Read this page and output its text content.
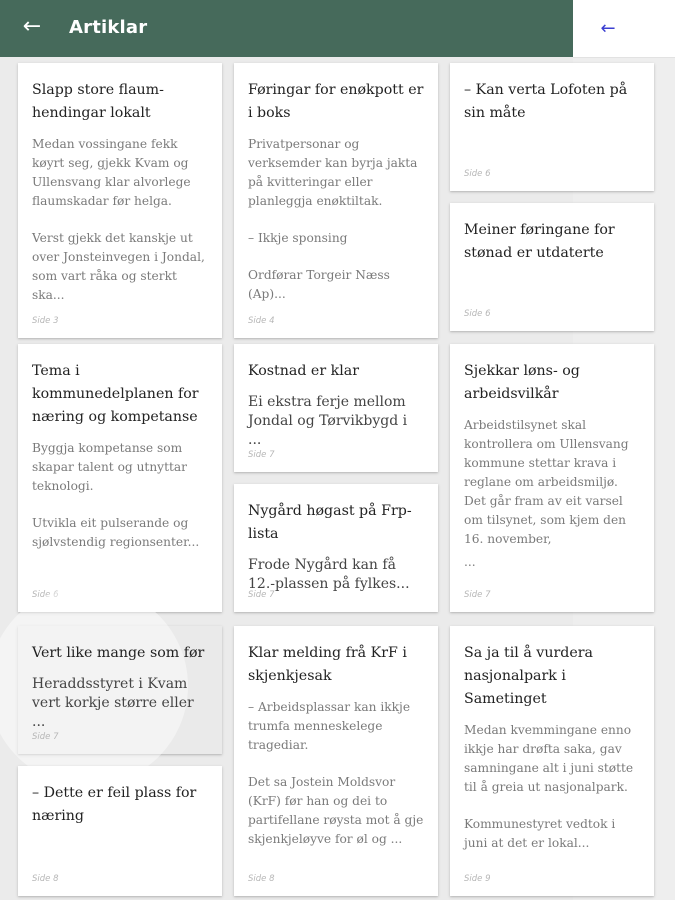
← Artiklar	←
Slapp store flaum-hendingar lokalt
Medan vossingane fekk køyrt seg, gjekk Kvam og Ullensvang klar alvorlege flaumskadar før helga.
Verst gjekk det kanskje ut over Jonsteinvegen i Jondal, som vart råka og sterkt ska...
Side 3
Føringar for enøkpott er i boks
Privatpersonar og verksemder kan byrja jakta på kvitteringar eller planleggja enøktiltak.
– Ikkje sponsing
Ordførar Torgeir Næss (Ap)...
Side 4
– Kan verta Lofoten på sin måte
Side 6
Meiner føringane for stønad er utdaterte
Side 6
Tema i kommunedelplanen for næring og kompetanse
Byggja kompetanse som skapar talent og utnyttar teknologi.
Utvikla eit pulserande og sjølvstendig regionsenter...
Side 6
Kostnad er klar
Ei ekstra ferje mellom Jondal og Tørvikbygd i ...
Side 7
Nygård høgast på Frp-lista
Frode Nygård kan få 12.-plassen på fylkes...
Side 7
Sjekkar løns- og arbeidsvilkår
Arbeidstilsynet skal kontrollera om Ullensvang kommune stettar krava i reglane om arbeidsmiljø. Det går fram av eit varsel om tilsynet, som kjem den 16. november,
...
Side 7
Vert like mange som før
Heraddsstyret i Kvam vert korkje større eller ...
Side 7
Klar melding frå KrF i skjenkjesak
– Arbeidsplassar kan ikkje trumfa menneskelege tragediar.
Det sa Jostein Moldsvor (KrF) før han og dei to partifellane røysta mot å gje skjenkjeløyve for øl og ...
Side 8
Sa ja til å vurdera nasjonalpark i Sametinget
Medan kvemmingane enno ikkje har drøfta saka, gav samningane alt i juni støtte til å greia ut nasjonalpark.
Kommunestyret vedtok i juni at det er lokal...
Side 9
– Dette er feil plass for næring
Side 8
